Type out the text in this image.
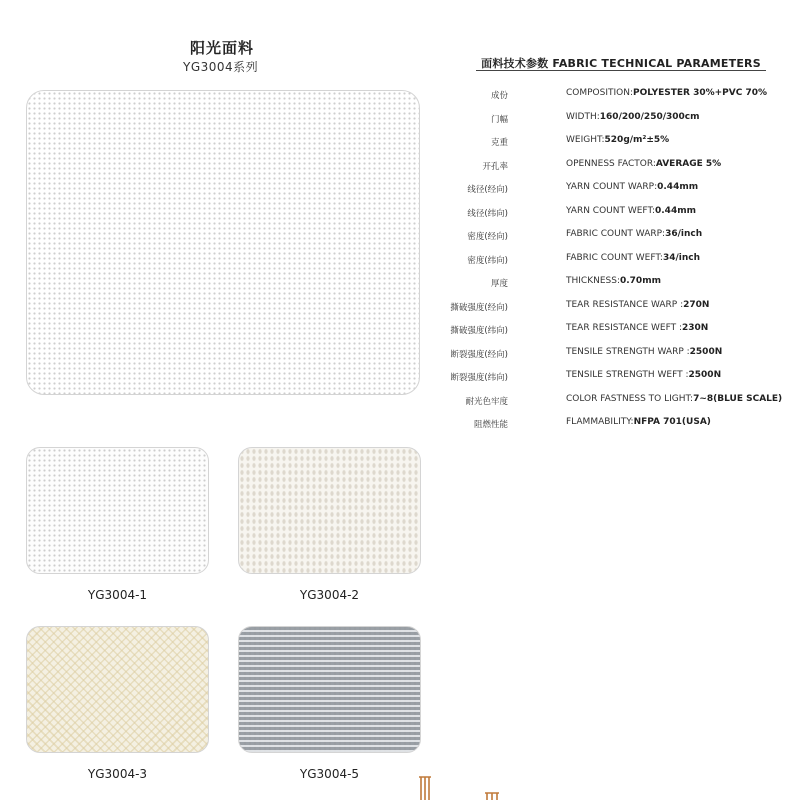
阳光面料
YG3004系列
YG3004-1	YG3004-2
YG3004-3	YG3004-5
面料技术参数 FABRIC TECHNICAL PARAMETERS
成份	COMPOSITION:POLYESTER 30%+PVC 70%
门幅	WIDTH:160/200/250/300cm
克重	WEIGHT:520g/m²±5%
开孔率	OPENNESS FACTOR:AVERAGE 5%
线径(经向)	YARN COUNT WARP:0.44mm
线径(纬向)	YARN COUNT WEFT:0.44mm
密度(经向)	FABRIC COUNT WARP:36/inch
密度(纬向)	FABRIC COUNT WEFT:34/inch
厚度	THICKNESS:0.70mm
撕破强度(经向)	TEAR RESISTANCE WARP :270N
撕破强度(纬向)	TEAR RESISTANCE WEFT :230N
断裂强度(经向)	TENSILE STRENGTH WARP :2500N
断裂强度(纬向)	TENSILE STRENGTH WEFT :2500N
耐光色牢度	COLOR FASTNESS TO LIGHT:7~8(BLUE SCALE)
阻燃性能	FLAMMABILITY:NFPA 701(USA)
